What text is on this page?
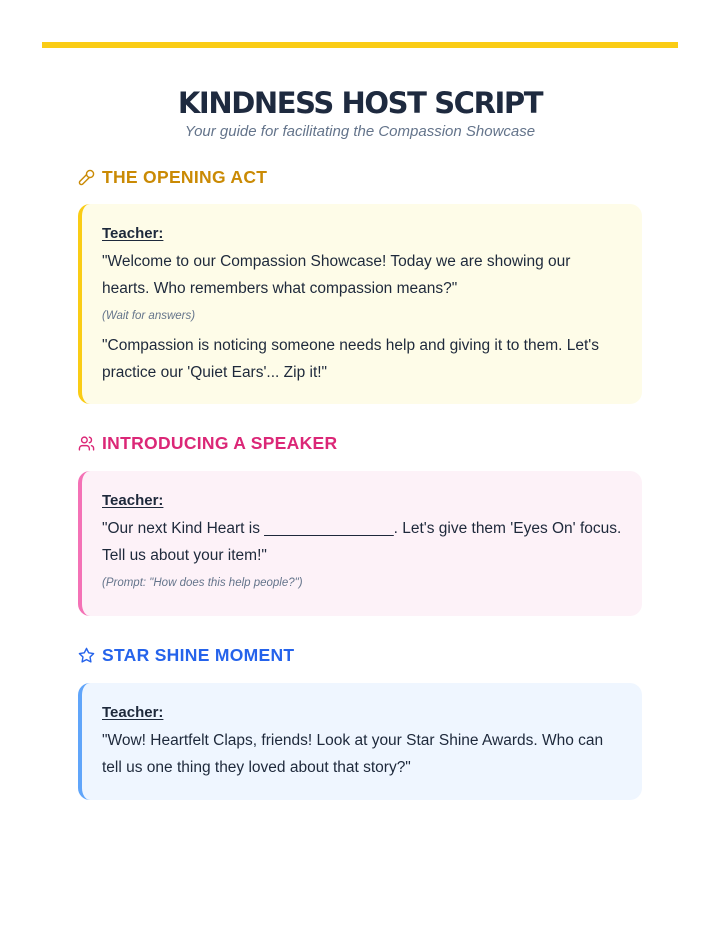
KINDNESS HOST SCRIPT
Your guide for facilitating the Compassion Showcase
THE OPENING ACT
Teacher:
"Welcome to our Compassion Showcase! Today we are showing our hearts. Who remembers what compassion means?"
(Wait for answers)
"Compassion is noticing someone needs help and giving it to them. Let's practice our 'Quiet Ears'... Zip it!"
INTRODUCING A SPEAKER
Teacher:
"Our next Kind Heart is _______________. Let's give them 'Eyes On' focus. Tell us about your item!"
(Prompt: "How does this help people?")
STAR SHINE MOMENT
Teacher:
"Wow! Heartfelt Claps, friends! Look at your Star Shine Awards. Who can tell us one thing they loved about that story?"
